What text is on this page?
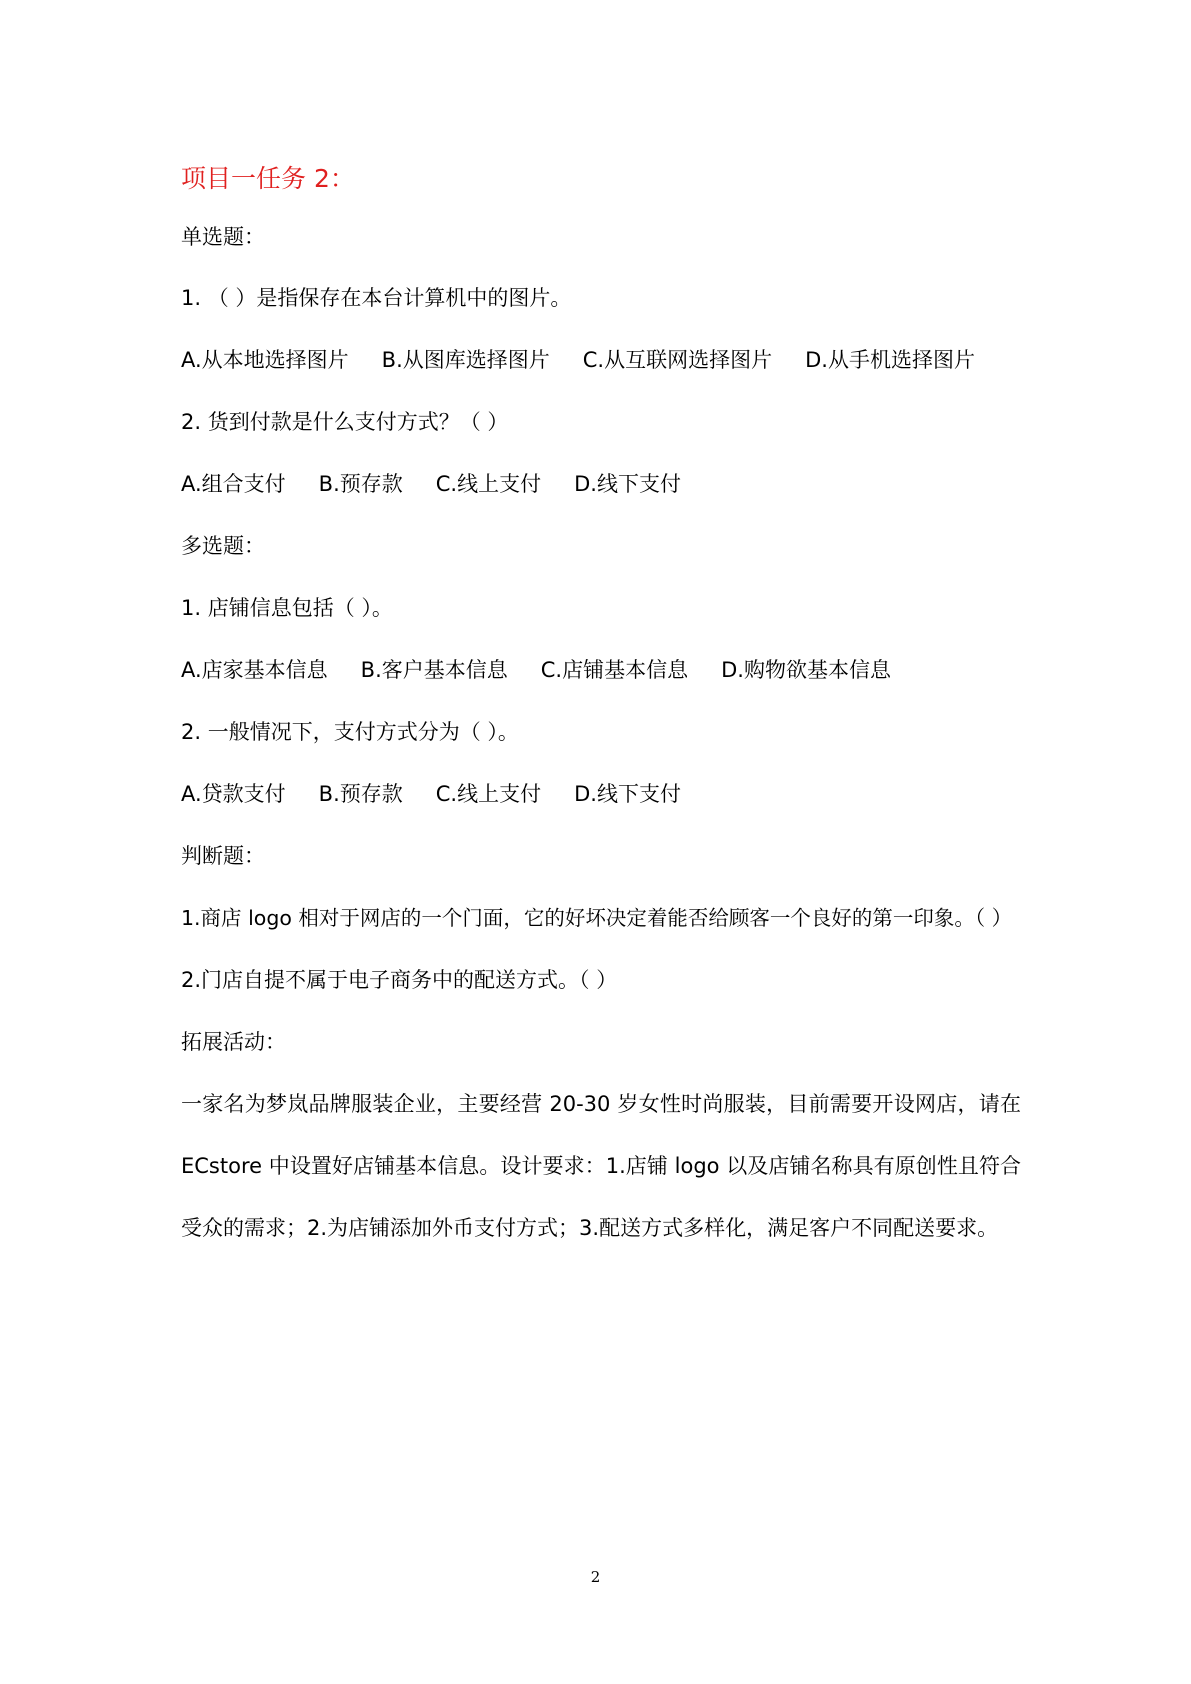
项目一任务 2：
单选题：
1. （ ）是指保存在本台计算机中的图片。
A.从本地选择图片 B.从图库选择图片 C.从互联网选择图片 D.从手机选择图片
2. 货到付款是什么支付方式？（ ）
A.组合支付 B.预存款 C.线上支付 D.线下支付
多选题：
1. 店铺信息包括（ ）。
A.店家基本信息 B.客户基本信息 C.店铺基本信息 D.购物欲基本信息
2. 一般情况下，支付方式分为（ ）。
A.贷款支付 B.预存款 C.线上支付 D.线下支付
判断题：
1.商店 logo 相对于网店的一个门面，它的好坏决定着能否给顾客一个良好的第一印象。（ ）
2.门店自提不属于电子商务中的配送方式。（ ）
拓展活动：
一家名为梦岚品牌服装企业，主要经营 20-30 岁女性时尚服装，目前需要开设网店，请在 ECstore 中设置好店铺基本信息。设计要求：1.店铺 logo 以及店铺名称具有原创性且符合受众的需求；2.为店铺添加外币支付方式；3.配送方式多样化，满足客户不同配送要求。
2
